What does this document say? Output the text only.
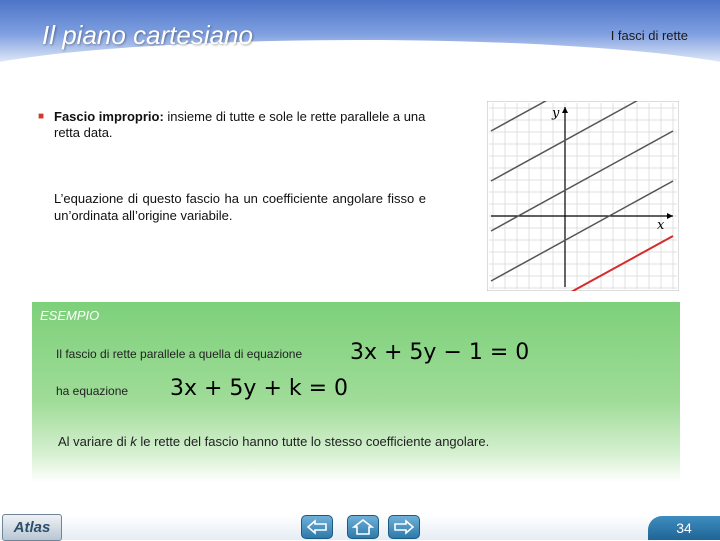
Il piano cartesiano	I fasci di rette
■ Fascio improprio: insieme di tutte e sole le rette parallele a una retta data.
L’equazione di questo fascio ha un coefficiente angolare fisso e un’ordinata all’origine variabile.
x
y
ESEMPIO
Il fascio di rette parallele a quella di equazione 3x + 5y − 1 = 0
ha equazione 3x + 5y + k = 0
Al variare di k le rette del fascio hanno tutte lo stesso coefficiente angolare.
Atlas	34
